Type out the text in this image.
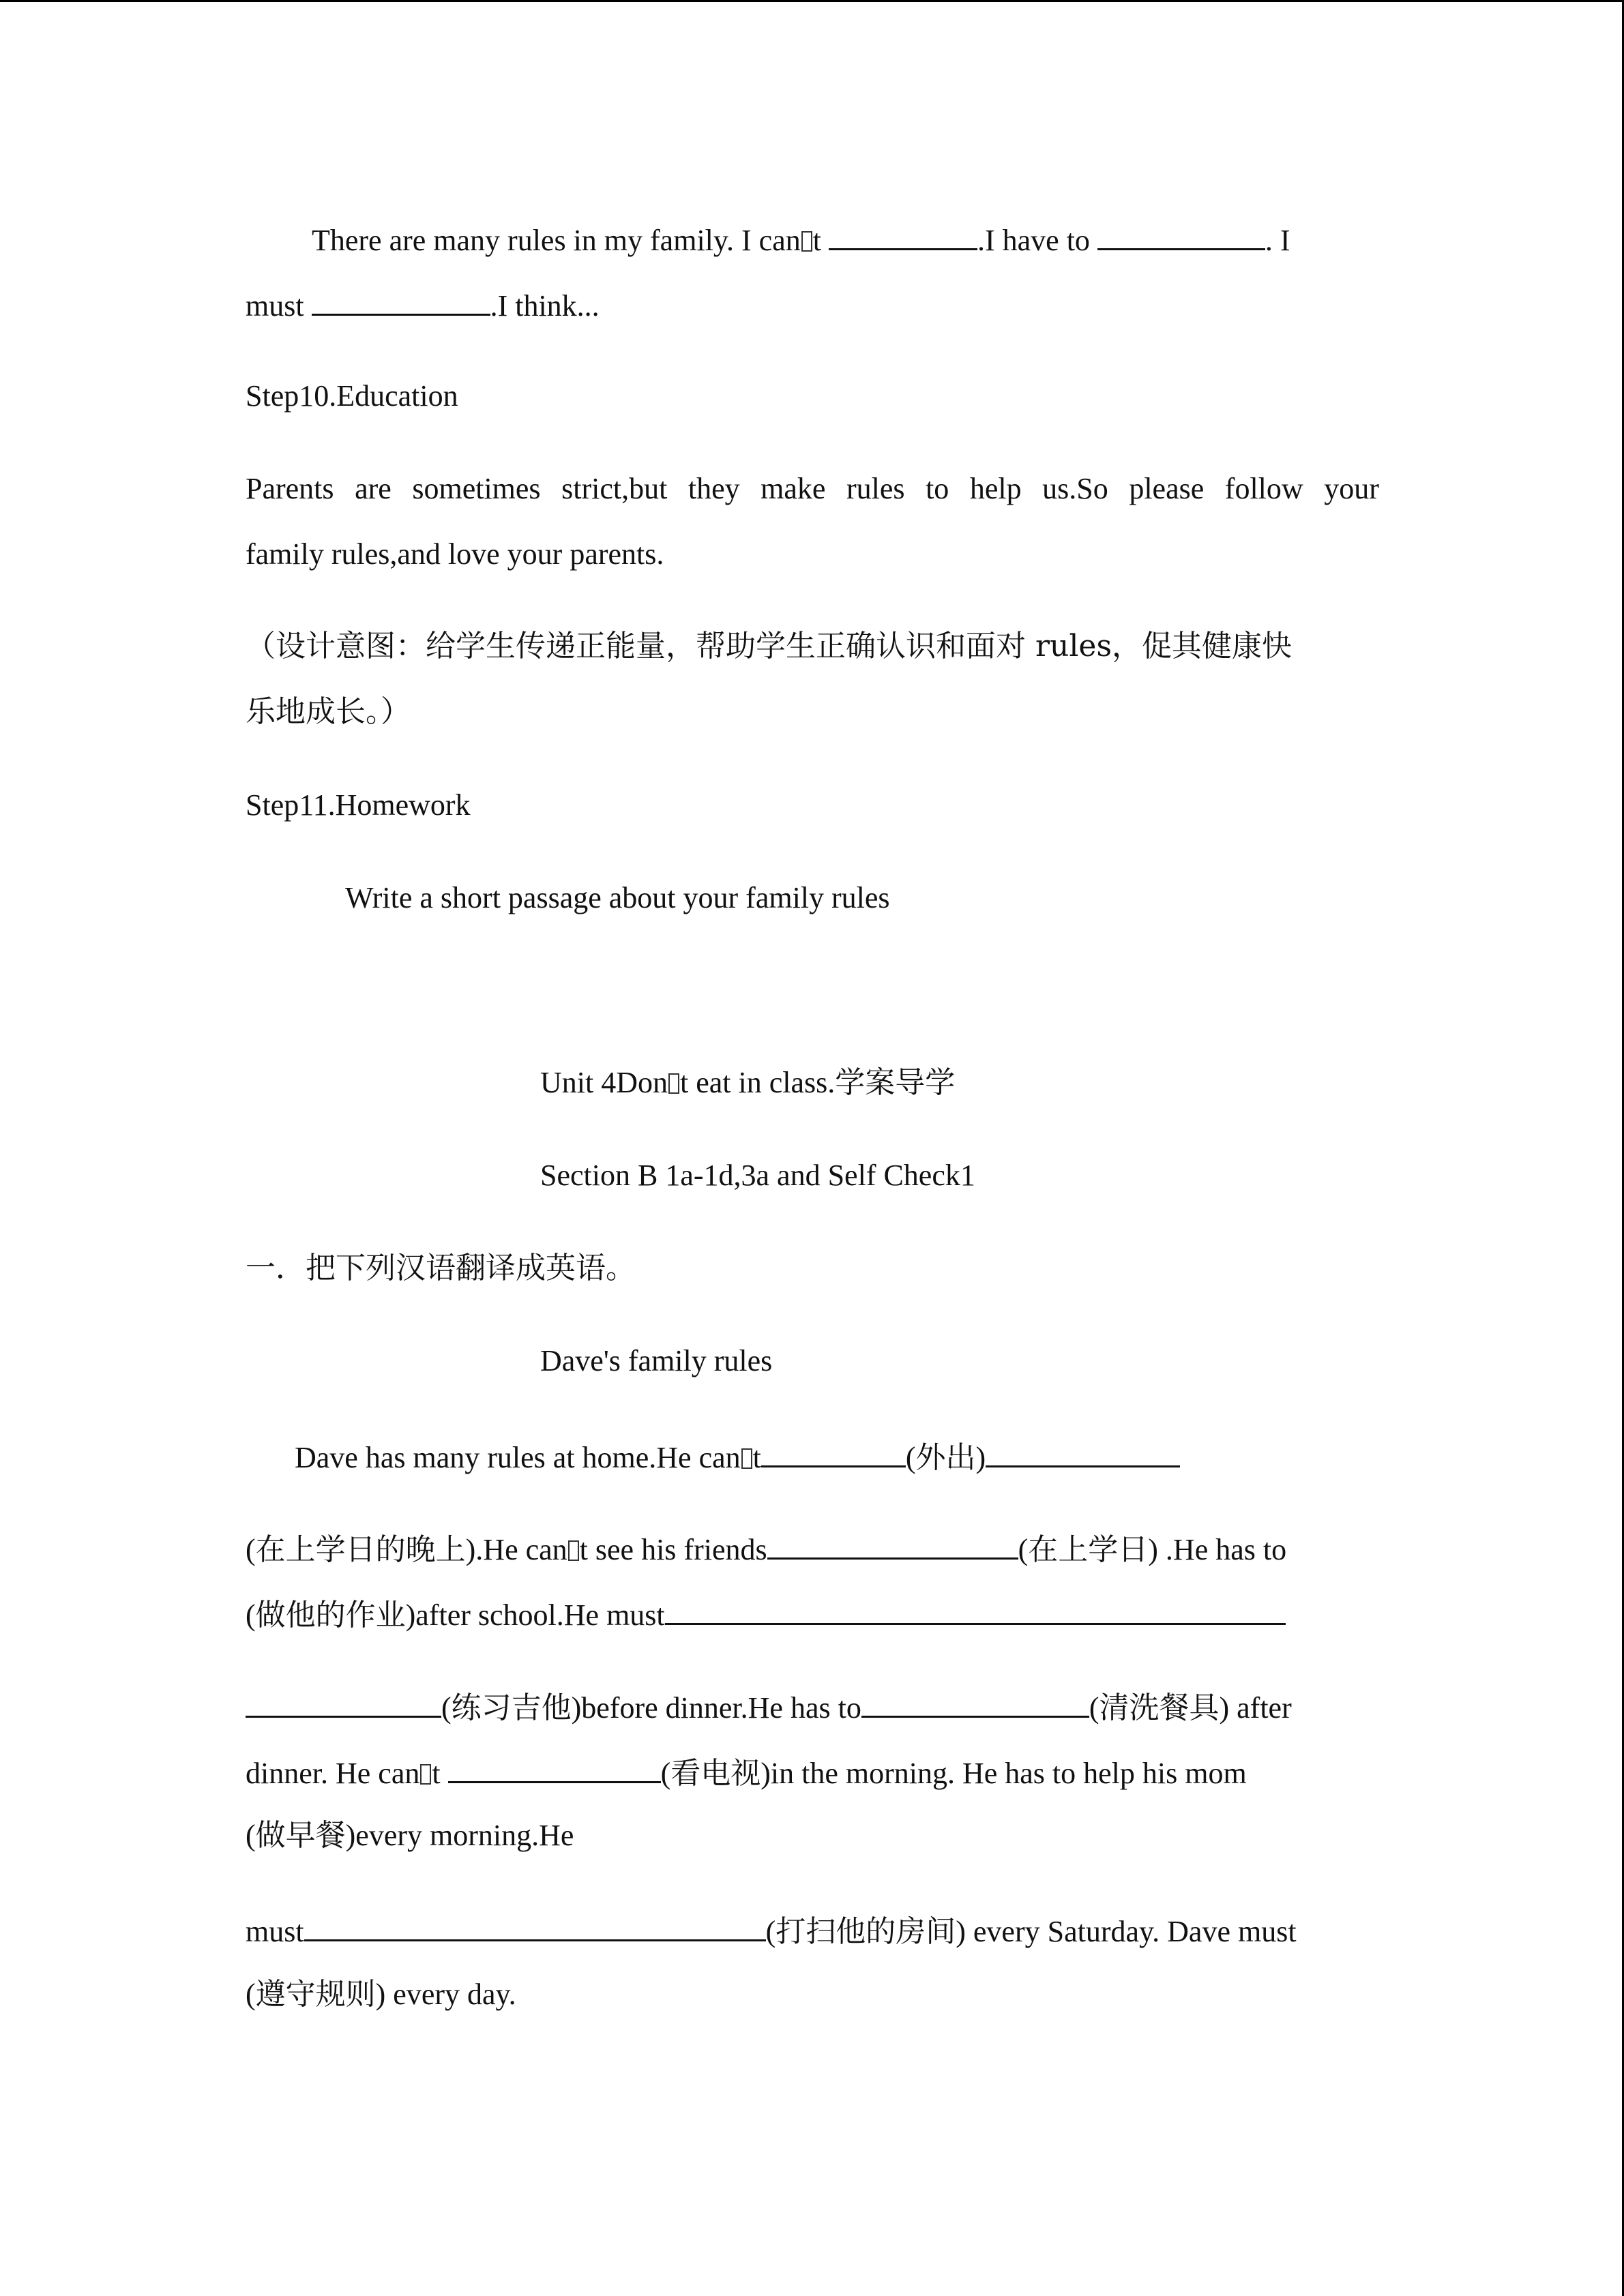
There are many rules in my family. I can t	.I have to	. I
must	.I think...
Step10.Education
Parents are sometimes strict,but they make rules to help us.So please follow your
family rules,and love your parents.
（设计意图：给学生传递正能量，帮助学生正确认识和面对 rules，促其健康快
乐地成长。）
Step11.Homework
Write a short passage about your family rules
Unit 4Don t eat in class.学案导学
Section B 1a-1d,3a and Self Check1
一．把下列汉语翻译成英语。
Dave's family rules
Dave has many rules at home.He can t	(外出)
(在上学日的晚上).He can t see his friends	(在上学日) .He has to
(做他的作业)after school.He must
(练习吉他)before dinner.He has to	(清洗餐具) after
dinner. He can t	(看电视)in the morning. He has to help his mom
(做早餐)every morning.He
must	(打扫他的房间) every Saturday. Dave must
(遵守规则) every day.
